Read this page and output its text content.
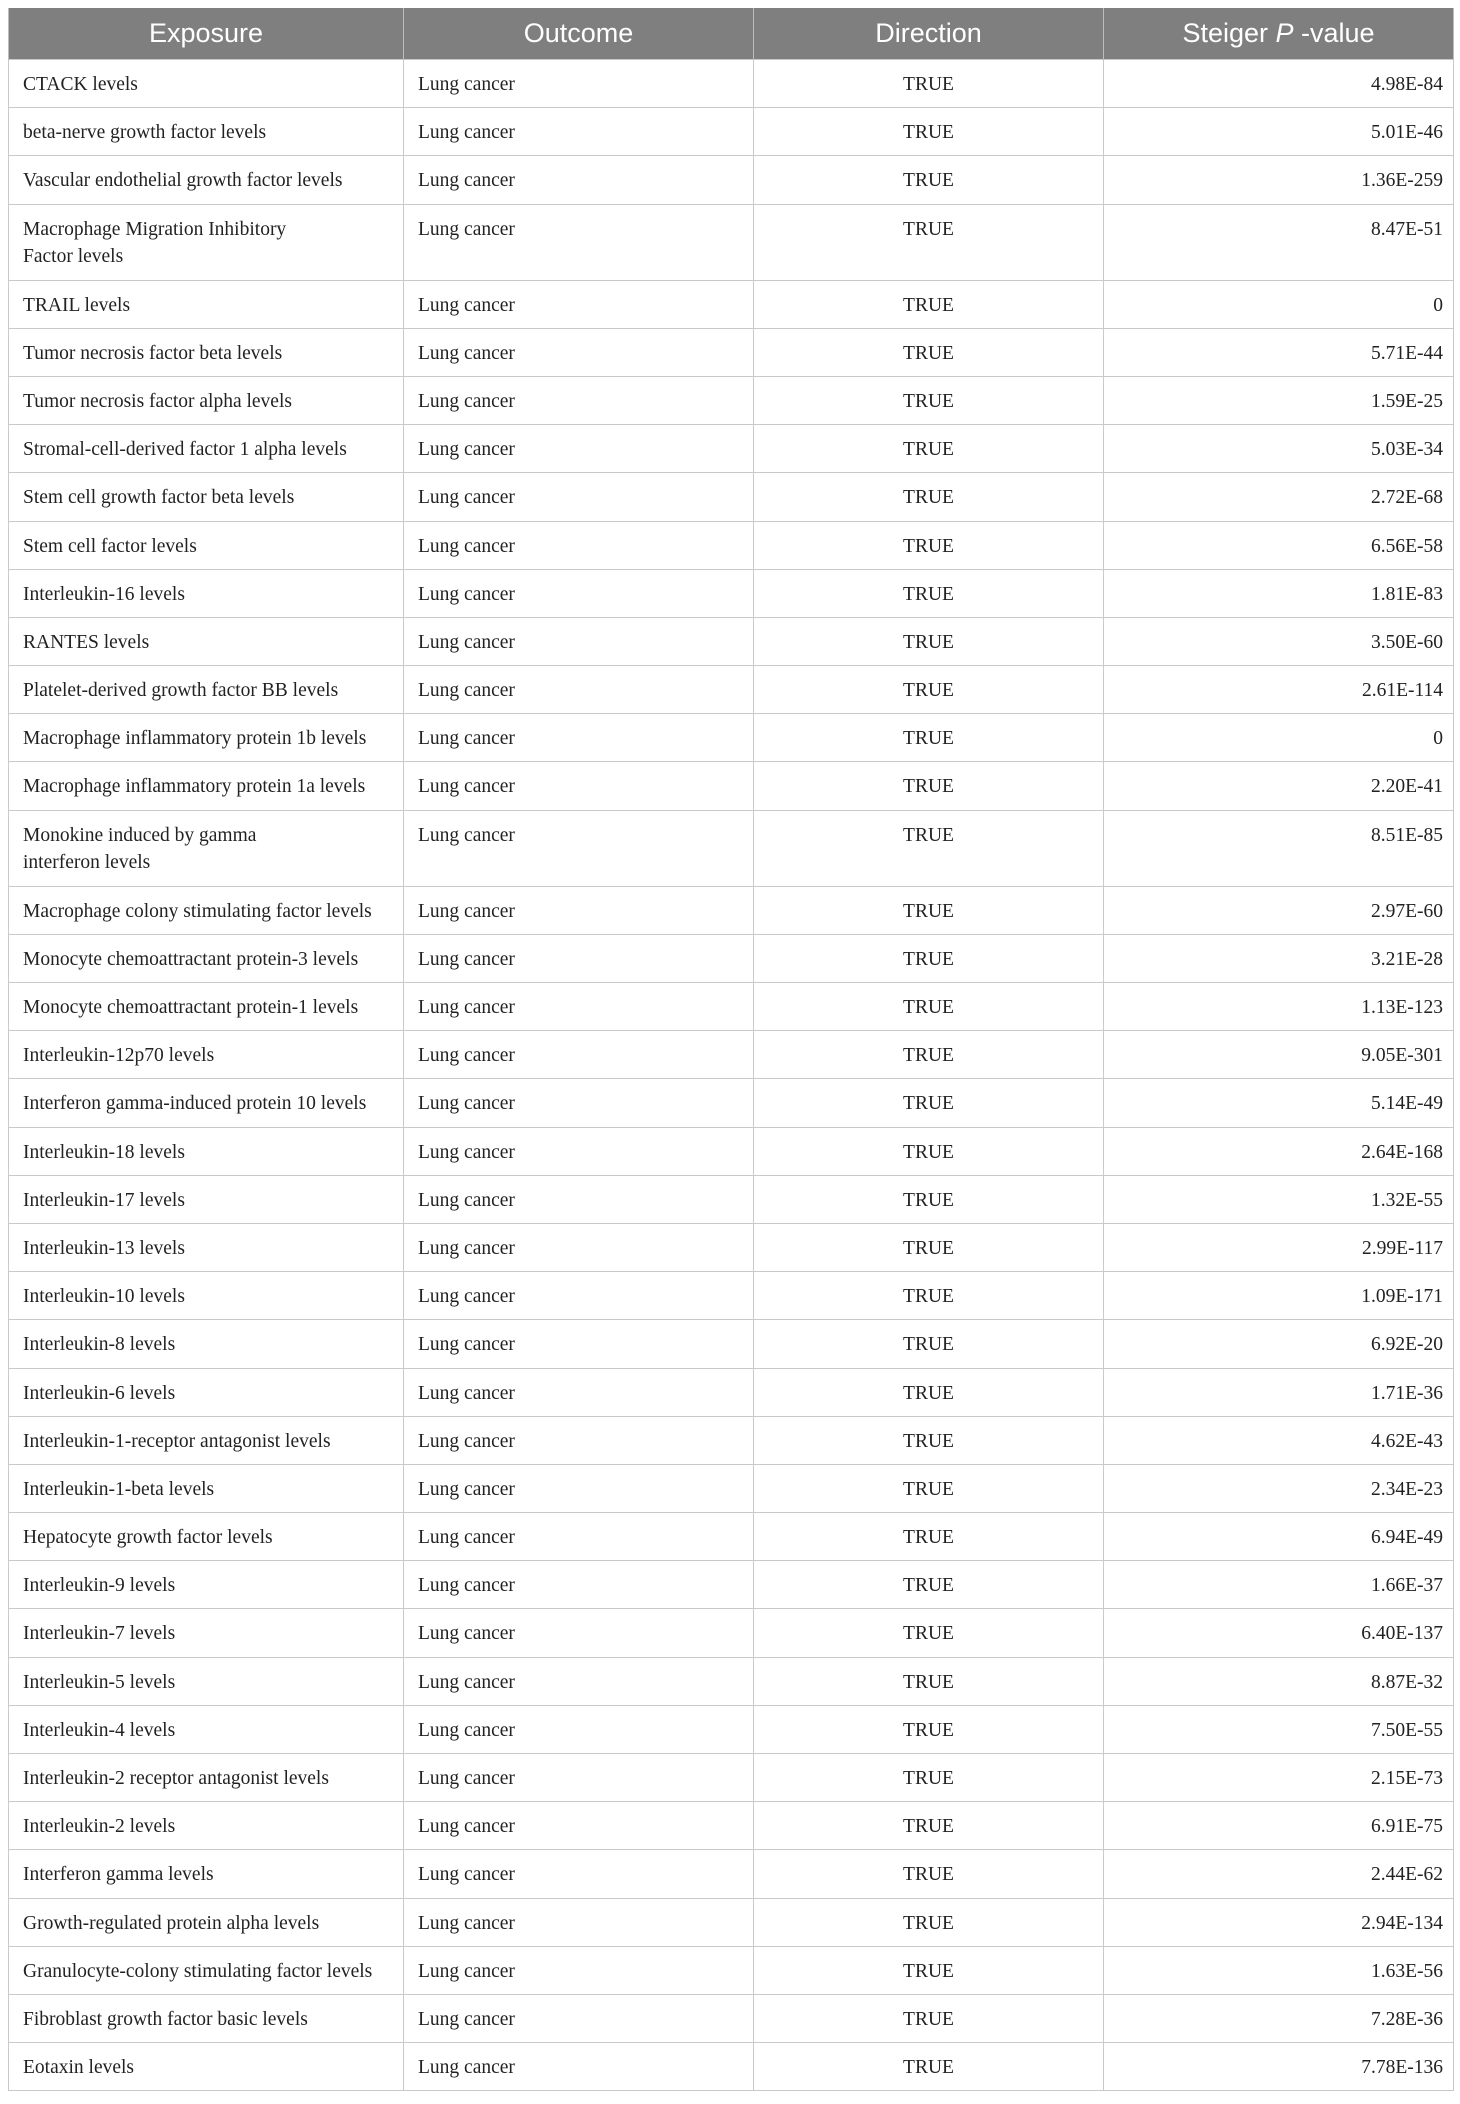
Exposure	Outcome	Direction	Steiger P -value
CTACK levels	Lung cancer	TRUE	4.98E-84
beta-nerve growth factor levels	Lung cancer	TRUE	5.01E-46
Vascular endothelial growth factor levels	Lung cancer	TRUE	1.36E-259
Macrophage Migration Inhibitory
Factor levels	Lung cancer	TRUE	8.47E-51
TRAIL levels	Lung cancer	TRUE	0
Tumor necrosis factor beta levels	Lung cancer	TRUE	5.71E-44
Tumor necrosis factor alpha levels	Lung cancer	TRUE	1.59E-25
Stromal-cell-derived factor 1 alpha levels	Lung cancer	TRUE	5.03E-34
Stem cell growth factor beta levels	Lung cancer	TRUE	2.72E-68
Stem cell factor levels	Lung cancer	TRUE	6.56E-58
Interleukin-16 levels	Lung cancer	TRUE	1.81E-83
RANTES levels	Lung cancer	TRUE	3.50E-60
Platelet-derived growth factor BB levels	Lung cancer	TRUE	2.61E-114
Macrophage inflammatory protein 1b levels	Lung cancer	TRUE	0
Macrophage inflammatory protein 1a levels	Lung cancer	TRUE	2.20E-41
Monokine induced by gamma
interferon levels	Lung cancer	TRUE	8.51E-85
Macrophage colony stimulating factor levels	Lung cancer	TRUE	2.97E-60
Monocyte chemoattractant protein-3 levels	Lung cancer	TRUE	3.21E-28
Monocyte chemoattractant protein-1 levels	Lung cancer	TRUE	1.13E-123
Interleukin-12p70 levels	Lung cancer	TRUE	9.05E-301
Interferon gamma-induced protein 10 levels	Lung cancer	TRUE	5.14E-49
Interleukin-18 levels	Lung cancer	TRUE	2.64E-168
Interleukin-17 levels	Lung cancer	TRUE	1.32E-55
Interleukin-13 levels	Lung cancer	TRUE	2.99E-117
Interleukin-10 levels	Lung cancer	TRUE	1.09E-171
Interleukin-8 levels	Lung cancer	TRUE	6.92E-20
Interleukin-6 levels	Lung cancer	TRUE	1.71E-36
Interleukin-1-receptor antagonist levels	Lung cancer	TRUE	4.62E-43
Interleukin-1-beta levels	Lung cancer	TRUE	2.34E-23
Hepatocyte growth factor levels	Lung cancer	TRUE	6.94E-49
Interleukin-9 levels	Lung cancer	TRUE	1.66E-37
Interleukin-7 levels	Lung cancer	TRUE	6.40E-137
Interleukin-5 levels	Lung cancer	TRUE	8.87E-32
Interleukin-4 levels	Lung cancer	TRUE	7.50E-55
Interleukin-2 receptor antagonist levels	Lung cancer	TRUE	2.15E-73
Interleukin-2 levels	Lung cancer	TRUE	6.91E-75
Interferon gamma levels	Lung cancer	TRUE	2.44E-62
Growth-regulated protein alpha levels	Lung cancer	TRUE	2.94E-134
Granulocyte-colony stimulating factor levels	Lung cancer	TRUE	1.63E-56
Fibroblast growth factor basic levels	Lung cancer	TRUE	7.28E-36
Eotaxin levels	Lung cancer	TRUE	7.78E-136
